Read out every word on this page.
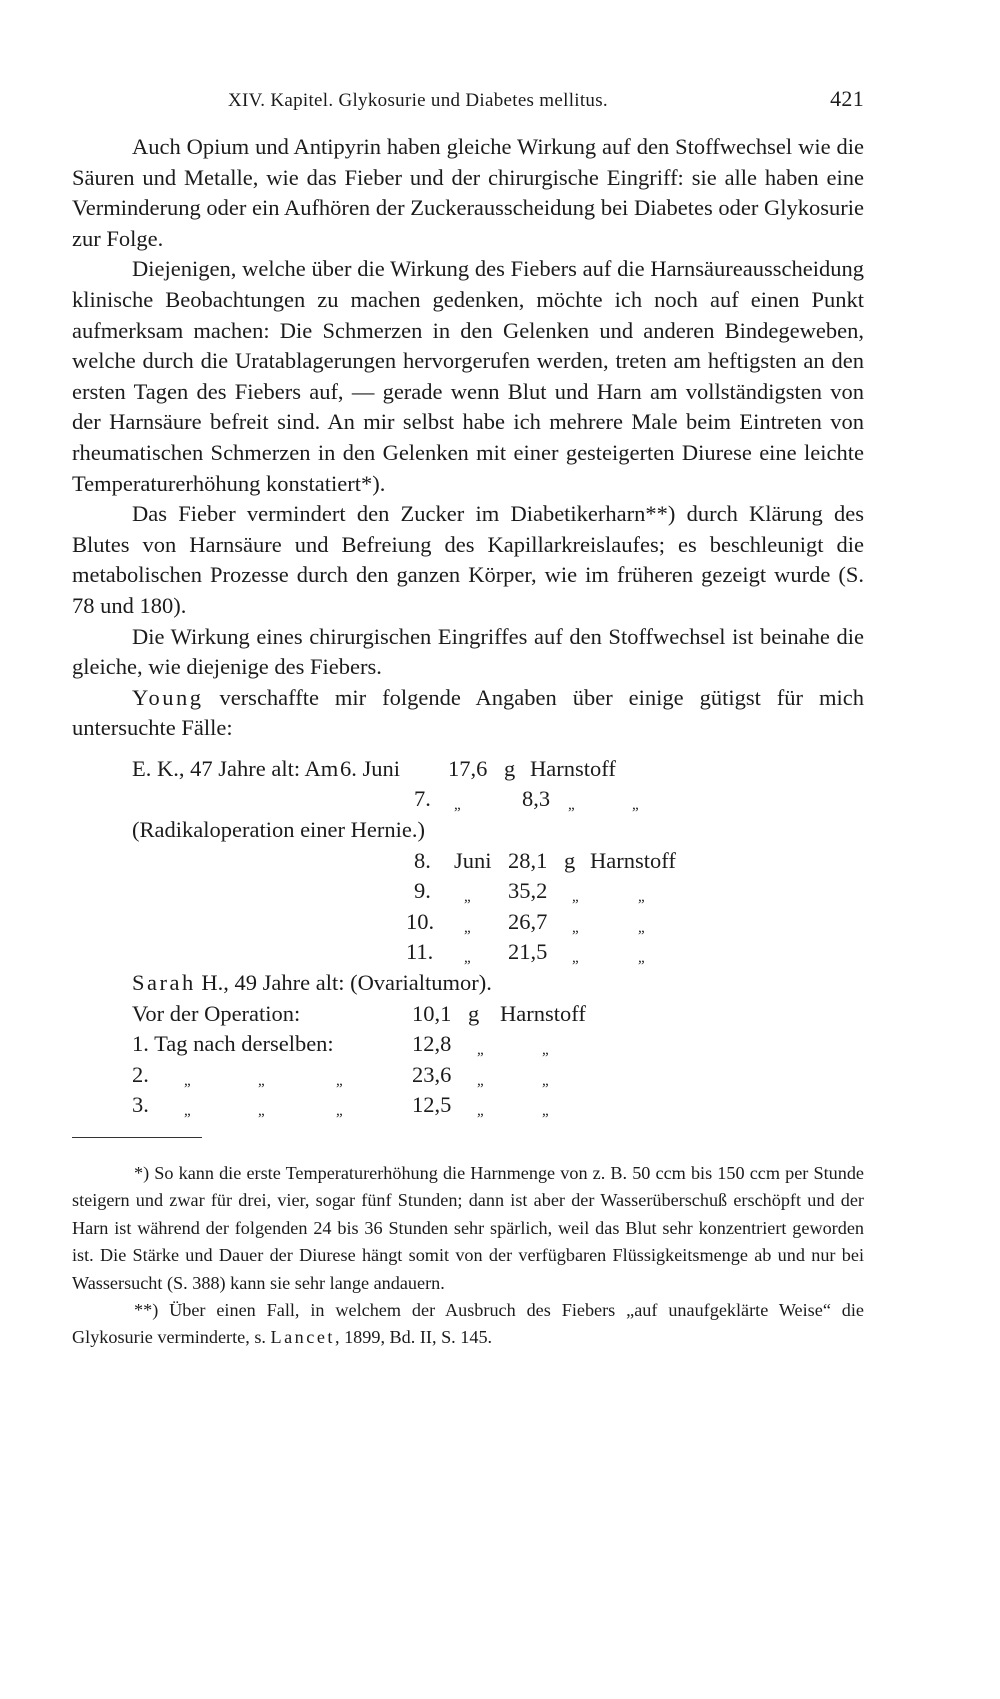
XIV. Kapitel. Glykosurie und Diabetes mellitus.	421

Auch Opium und Antipyrin haben gleiche Wirkung auf den Stoffwechsel wie die Säuren und Metalle, wie das Fieber und der chirurgische Eingriff: sie alle haben eine Verminderung oder ein Aufhören der Zuckerausscheidung bei Diabetes oder Glykosurie zur Folge.

Diejenigen, welche über die Wirkung des Fiebers auf die Harnsäureausscheidung klinische Beobachtungen zu machen gedenken, möchte ich noch auf einen Punkt aufmerksam machen: Die Schmerzen in den Gelenken und anderen Bindegeweben, welche durch die Uratablagerungen hervorgerufen werden, treten am heftigsten an den ersten Tagen des Fiebers auf, — gerade wenn Blut und Harn am vollständigsten von der Harnsäure befreit sind. An mir selbst habe ich mehrere Male beim Eintreten von rheumatischen Schmerzen in den Gelenken mit einer gesteigerten Diurese eine leichte Temperaturerhöhung konstatiert*).

Das Fieber vermindert den Zucker im Diabetikerharn**) durch Klärung des Blutes von Harnsäure und Befreiung des Kapillarkreislaufes; es beschleunigt die metabolischen Prozesse durch den ganzen Körper, wie im früheren gezeigt wurde (S. 78 und 180).

Die Wirkung eines chirurgischen Eingriffes auf den Stoffwechsel ist beinahe die gleiche, wie diejenige des Fiebers.

Young verschaffte mir folgende Angaben über einige gütigst für mich untersuchte Fälle:

E. K., 47 Jahre alt: Am 6. Juni 17,6 g Harnstoff
7. „	8,3 „	„
(Radikaloperation einer Hernie.)
8. Juni 28,1 g Harnstoff
9. „ 35,2 „	„
10. „ 26,7 „	„
11. „ 21,5 „	„
Sarah H., 49 Jahre alt: (Ovarialtumor).
Vor der Operation:	10,1 g Harnstoff
1. Tag nach derselben:	12,8 „	„
2. „	„	„	23,6 „	„
3. „	„	„	12,5 „	„

*) So kann die erste Temperaturerhöhung die Harnmenge von z. B. 50 ccm bis 150 ccm per Stunde steigern und zwar für drei, vier, sogar fünf Stunden; dann ist aber der Wasserüberschuß erschöpft und der Harn ist während der folgenden 24 bis 36 Stunden sehr spärlich, weil das Blut sehr konzentriert geworden ist. Die Stärke und Dauer der Diurese hängt somit von der verfügbaren Flüssigkeitsmenge ab und nur bei Wassersucht (S. 388) kann sie sehr lange andauern.

**) Über einen Fall, in welchem der Ausbruch des Fiebers „auf unaufgeklärte Weise“ die Glykosurie verminderte, s. Lancet, 1899, Bd. II, S. 145.
